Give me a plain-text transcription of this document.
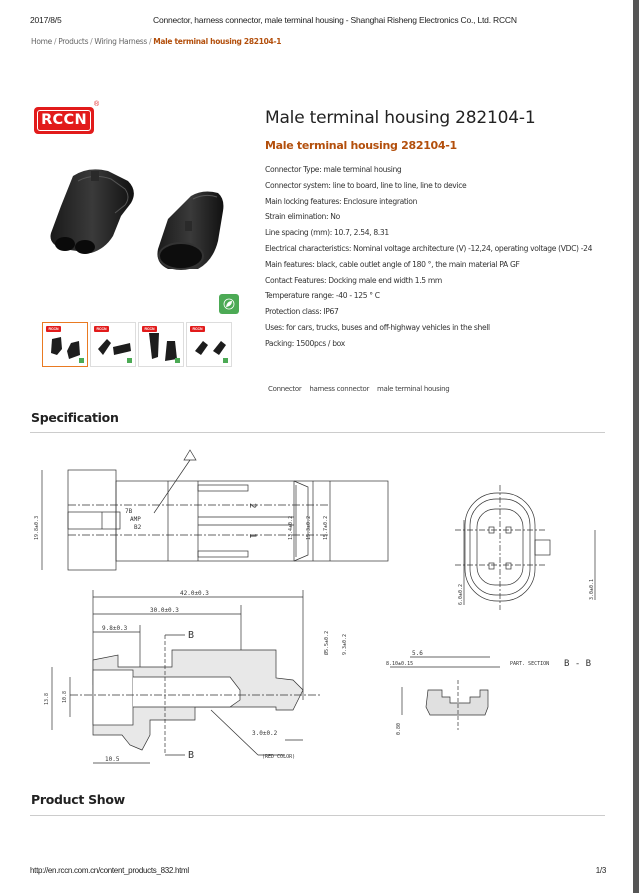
2017/8/5	Connector, harness connector, male terminal housing - Shanghai Risheng Electronics Co., Ltd. RCCN
Home / Products / Wiring Harness / Male terminal housing 282104-1
RCCN
®
RCCN	RCCN	RCCN	RCCN
Male terminal housing 282104-1
Male terminal housing 282104-1
Connector Type: male terminal housing
Connector system: line to board, line to line, line to device
Main locking features: Enclosure integration
Strain elimination: No
Line spacing (mm): 10.7, 2.54, 8.31
Electrical characteristics: Nominal voltage architecture (V) -12,24, operating voltage (VDC) -24
Main features: black, cable outlet angle of 180 °, the main material PA GF
Contact Features: Docking male end width 1.5 mm
Temperature range: -40 - 125 ° C
Protection class: IP67
Uses: for cars, trucks, buses and off-highway vehicles in the shell
Packing: 1500pcs / box
Connector harness connector male terminal housing
Specification
7B
AMP
B2
2
1
19.8±0.3	13.4±0.2 15.3±0.2 15.7±0.2
42.0±0.3
30.0±0.3
9.8±0.3
13.8 10.8
10.5
Ø5.5±0.2 9.3±0.2
3.0±0.2
B
B	(RED COLOR)
6.0±0.2	3.0±0.1
5.6
8.10±0.15
0.80
PART. SECTION B - B
Product Show
http://en.rccn.com.cn/content_products_832.html	1/3
